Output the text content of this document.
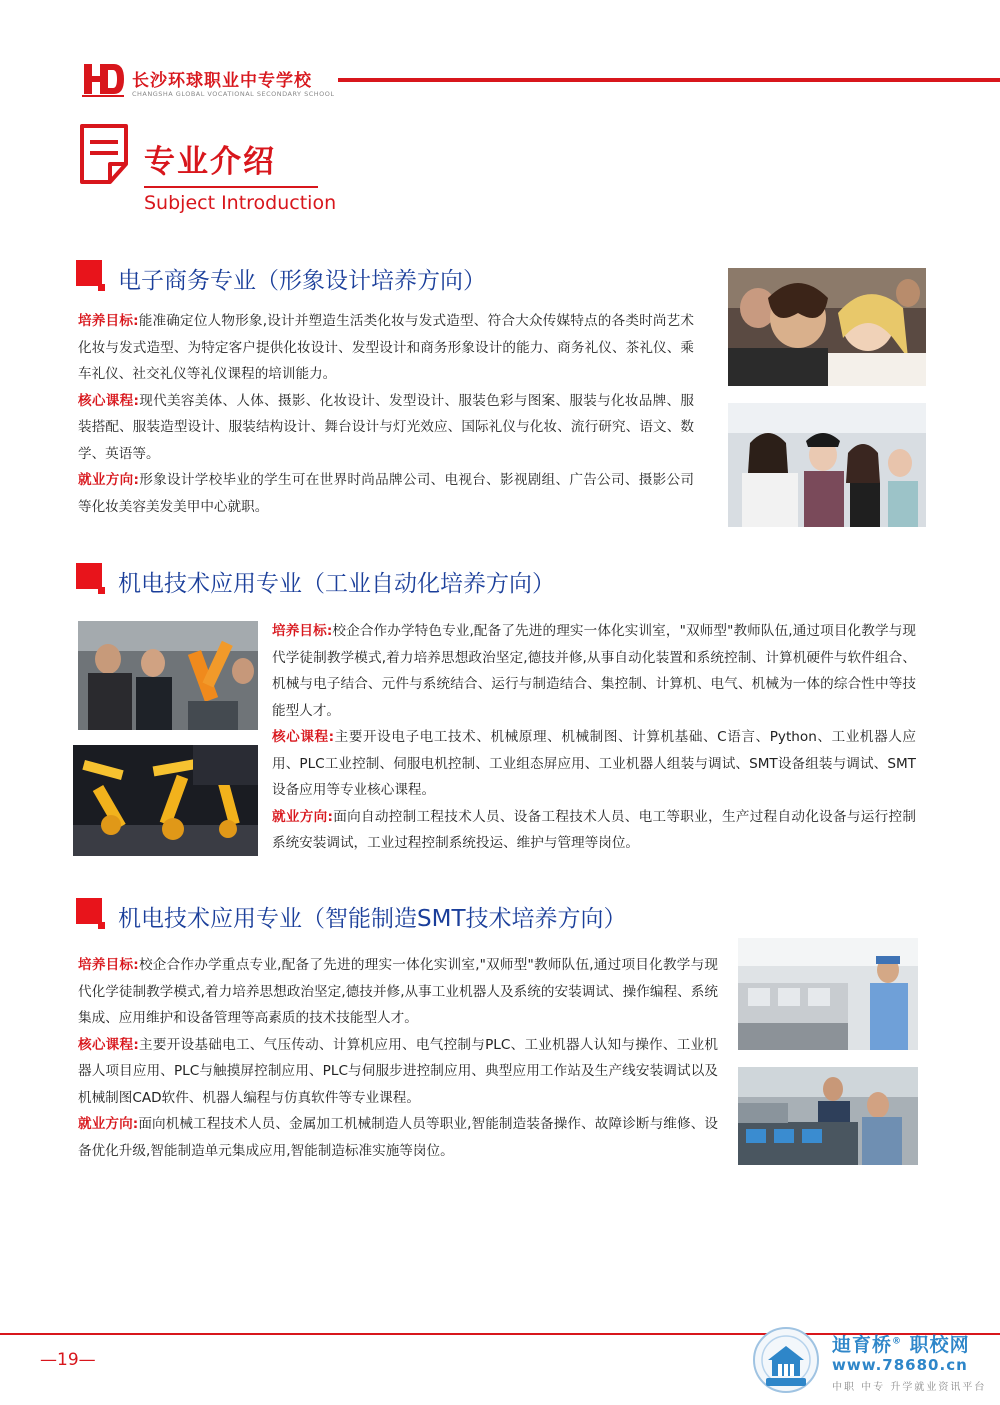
长沙环球职业中专学校
CHANGSHA GLOBAL VOCATIONAL SECONDARY SCHOOL
专业介绍
Subject Introduction
电子商务专业（形象设计培养方向）

培养目标:能准确定位人物形象,设计并塑造生活类化妆与发式造型、符合大众传媒特点的各类时尚艺术化妆与发式造型、为特定客户提供化妆设计、发型设计和商务形象设计的能力、商务礼仪、茶礼仪、乘车礼仪、社交礼仪等礼仪课程的培训能力。

核心课程:现代美容美体、人体、摄影、化妆设计、发型设计、服装色彩与图案、服装与化妆品牌、服装搭配、服装造型设计、服装结构设计、舞台设计与灯光效应、国际礼仪与化妆、流行研究、语文、数学、英语等。

就业方向:形象设计学校毕业的学生可在世界时尚品牌公司、电视台、影视剧组、广告公司、摄影公司等化妆美容美发美甲中心就职。

机电技术应用专业（工业自动化培养方向）

培养目标:校企合作办学特色专业,配备了先进的理实一体化实训室，"双师型"教师队伍,通过项目化教学与现代学徒制教学模式,着力培养思想政治坚定,德技并修,从事自动化装置和系统控制、计算机硬件与软件组合、机械与电子结合、元件与系统结合、运行与制造结合、集控制、计算机、电气、机械为一体的综合性中等技能型人才。

核心课程:主要开设电子电工技术、机械原理、机械制图、计算机基础、C语言、Python、工业机器人应用、PLC工业控制、伺服电机控制、工业组态屏应用、工业机器人组装与调试、SMT设备组装与调试、SMT设备应用等专业核心课程。

就业方向:面向自动控制工程技术人员、设备工程技术人员、电工等职业，生产过程自动化设备与运行控制系统安装调试，工业过程控制系统投运、维护与管理等岗位。

机电技术应用专业（智能制造SMT技术培养方向）

培养目标:校企合作办学重点专业,配备了先进的理实一体化实训室,"双师型"教师队伍,通过项目化教学与现代化学徒制教学模式,着力培养思想政治坚定,德技并修,从事工业机器人及系统的安装调试、操作编程、系统集成、应用维护和设备管理等高素质的技术技能型人才。

核心课程:主要开设基础电工、气压传动、计算机应用、电气控制与PLC、工业机器人认知与操作、工业机器人项目应用、PLC与触摸屏控制应用、PLC与伺服步进控制应用、典型应用工作站及生产线安装调试以及机械制图CAD软件、机器人编程与仿真软件等专业课程。

就业方向:面向机械工程技术人员、金属加工机械制造人员等职业,智能制造装备操作、故障诊断与维修、设备优化升级,智能制造单元集成应用,智能制造标准实施等岗位。

—19—
迪育桥® 职校网
www.78680.cn
中职 中专 升学就业资讯平台
